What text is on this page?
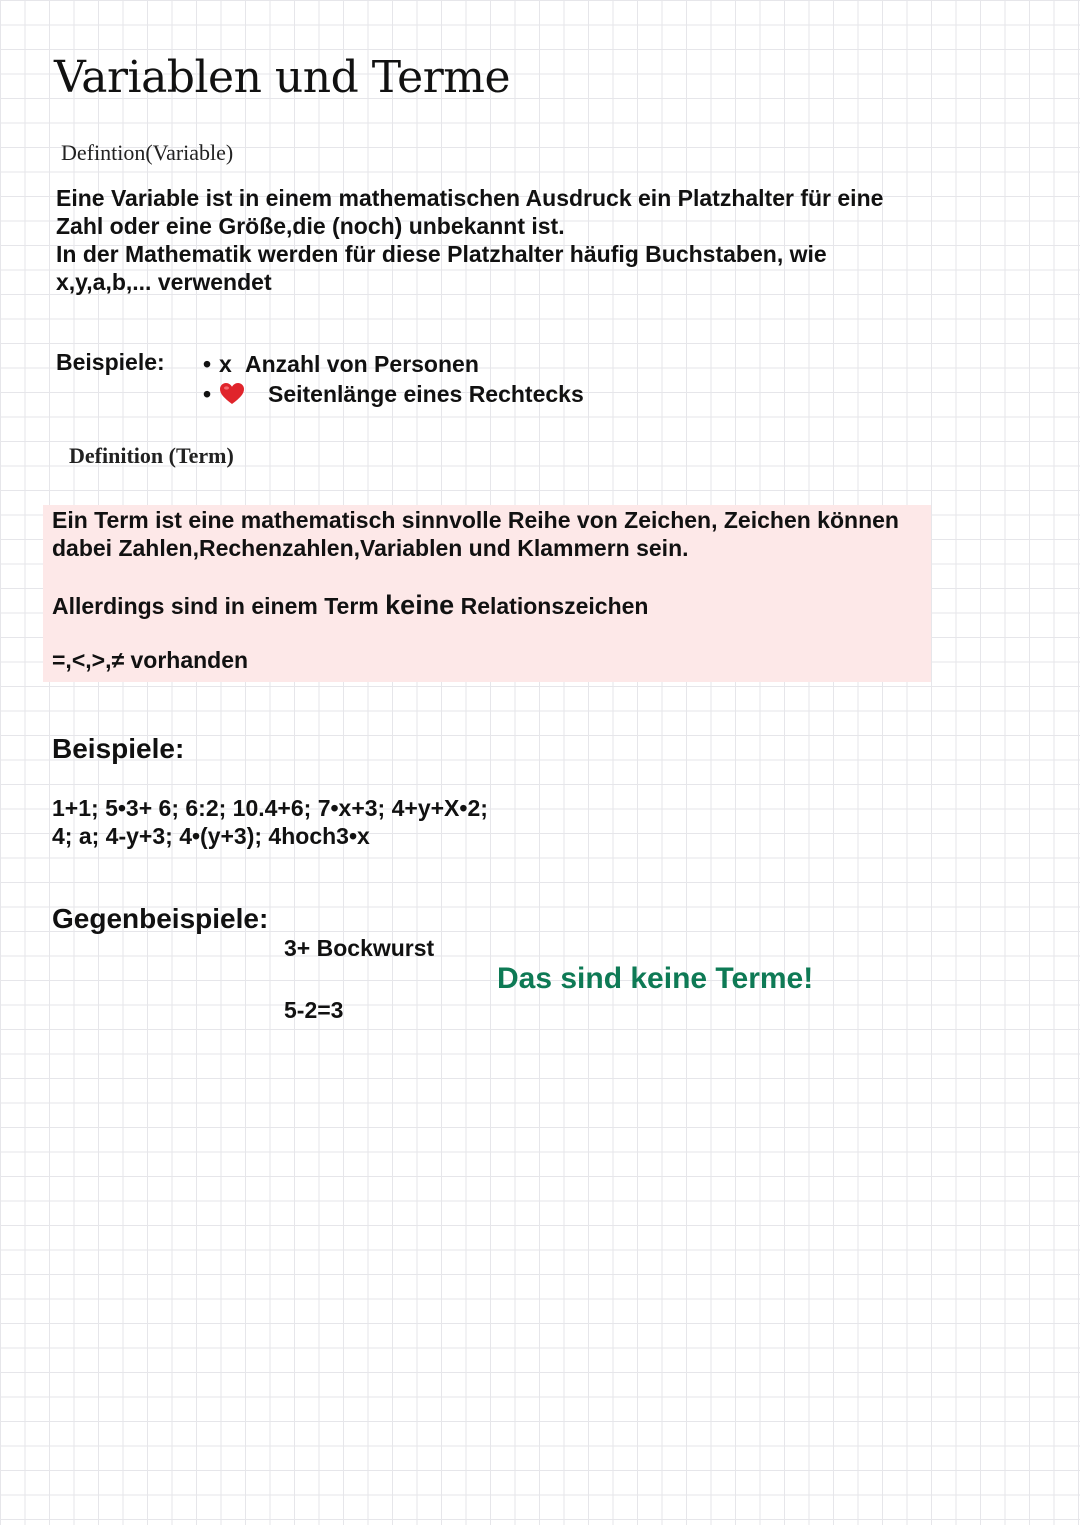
Variablen und Terme
Defintion(Variable)
Eine Variable ist in einem mathematischen Ausdruck ein Platzhalter für eine
Zahl oder eine Größe,die (noch) unbekannt ist.
In der Mathematik werden für diese Platzhalter häufig Buchstaben, wie
x,y,a,b,... verwendet
Beispiele: • x Anzahl von Personen
•	Seitenlänge eines Rechtecks
Definition (Term)
Ein Term ist eine mathematisch sinnvolle Reihe von Zeichen, Zeichen können
dabei Zahlen,Rechenzahlen,Variablen und Klammern sein.
Allerdings sind in einem Term keine Relationszeichen
=,<,>,≠ vorhanden
Beispiele:
1+1; 5•3+ 6; 6:2; 10.4+6; 7•x+3; 4+y+X•2;
4; a; 4-y+3; 4•(y+3); 4hoch3•x
Gegenbeispiele:
3+ Bockwurst
5-2=3
Das sind keine Terme!
